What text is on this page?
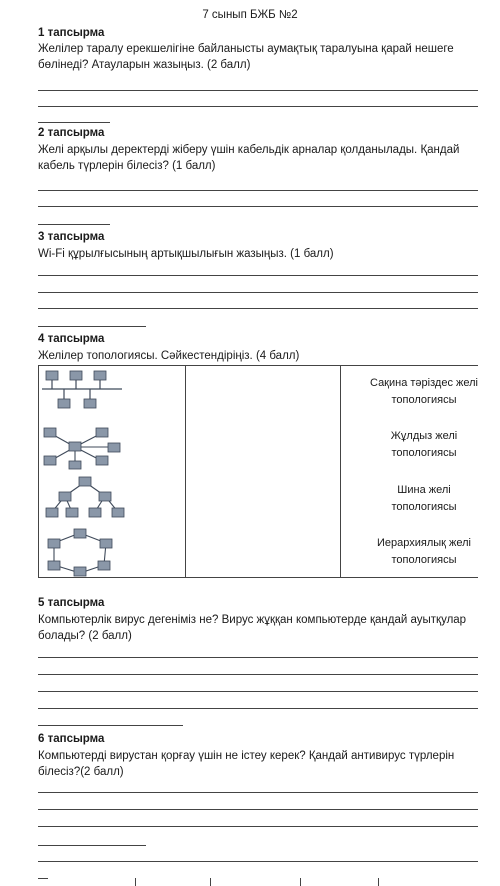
7 сынып БЖБ №2
1 тапсырма
Желілер таралу ерекшелігіне байланысты аумақтық таралуына қарай нешеге бөлінеді? Атауларын жазыңыз. (2 балл)
2 тапсырма
Желі арқылы деректерді жіберу үшін кабельдік арналар қолданылады. Қандай кабель түрлерін білесіз? (1 балл)
3 тапсырма
Wi-Fi құрылғысының артықшылығын жазыңыз. (1 балл)
4 тапсырма
Желілер топологиясы. Сәйкестендіріңіз. (4 балл)
Сақина тәріздес желі топологиясы
Жұлдыз желі топологиясы
Шина желі топологиясы
Иерархиялық желі топологиясы
5 тапсырма
Компьютерлік вирус дегеніміз не? Вирус жұққан компьютерде қандай ауытқулар болады? (2 балл)
6 тапсырма
Компьютерді вирустан қорғау үшін не істеу керек? Қандай антивирус түрлерін білесіз?(2 балл)
